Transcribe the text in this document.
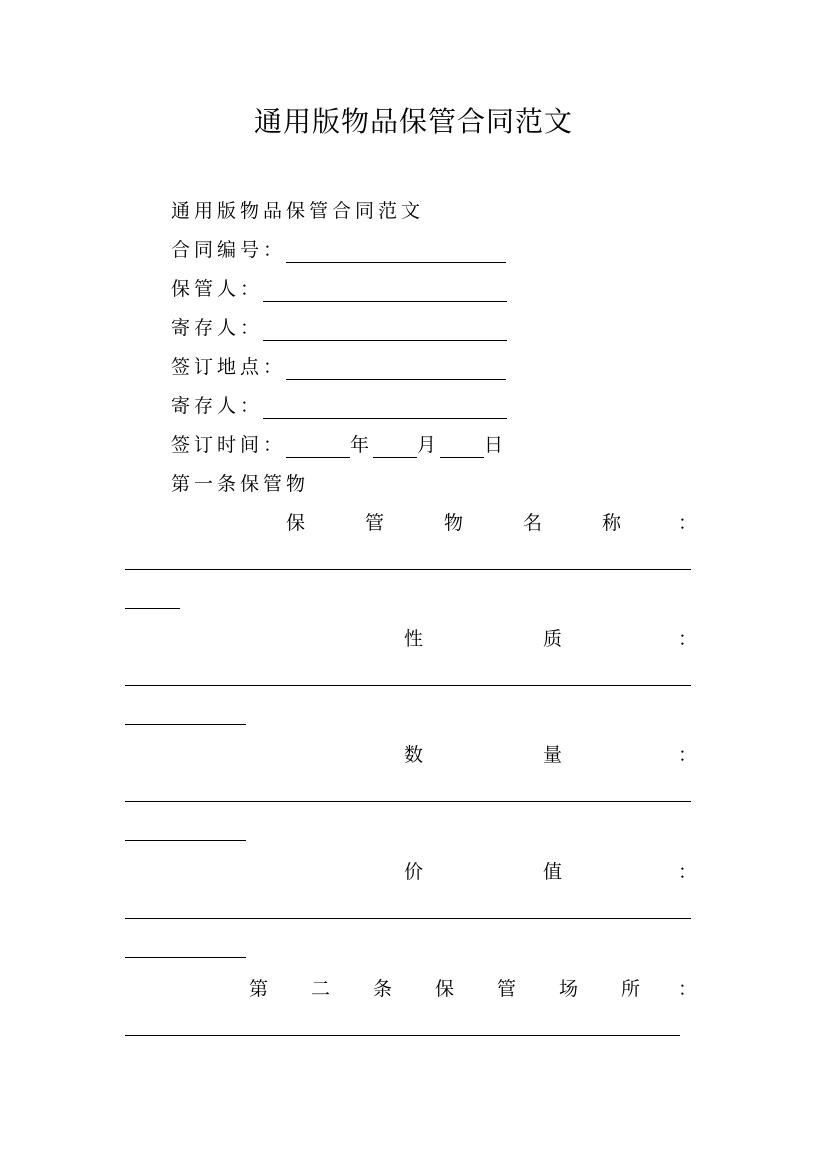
通用版物品保管合同范文
通用版物品保管合同范文
合同编号：
保管人：
寄存人：
签订地点：
寄存人：
签订时间：	年 月 日
第一条保管物
保	管	物	名	称	：
性	质	：
数	量	：
价	值	：
第 二 条 保 管 场 所 ：
